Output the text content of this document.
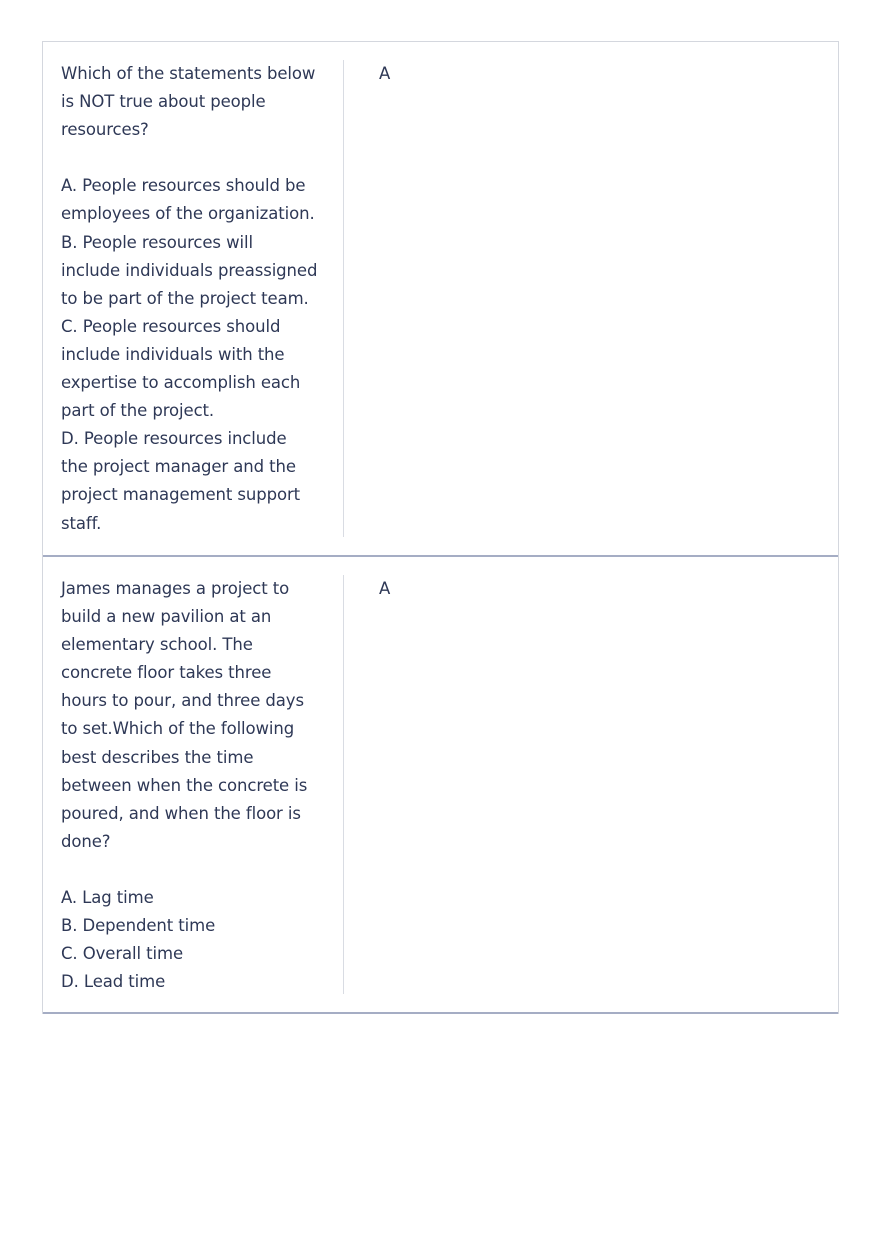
Which of the statements below
is NOT true about people
resources?

A. People resources should be
employees of the organization.
B. People resources will
include individuals preassigned
to be part of the project team.
C. People resources should
include individuals with the
expertise to accomplish each
part of the project.
D. People resources include
the project manager and the
project management support
staff.
A
James manages a project to
build a new pavilion at an
elementary school. The
concrete floor takes three
hours to pour, and three days
to set.Which of the following
best describes the time
between when the concrete is
poured, and when the floor is
done?

A. Lag time
B. Dependent time
C. Overall time
D. Lead time
A
